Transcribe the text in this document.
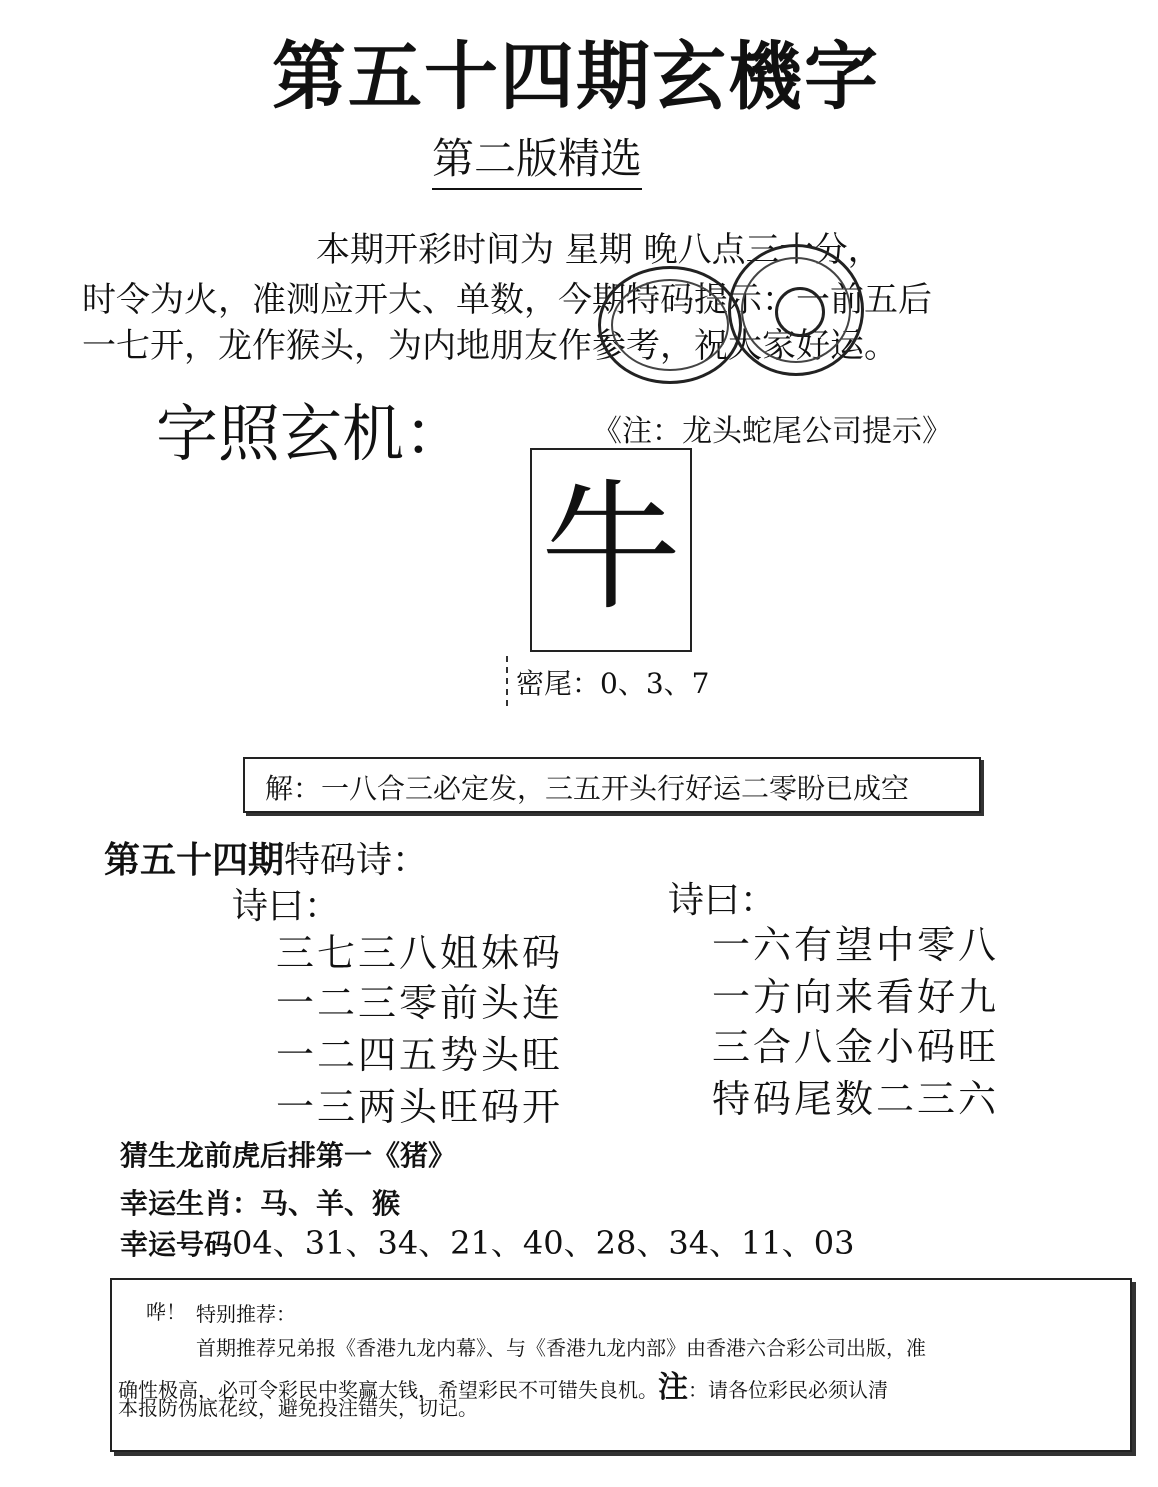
第五十四期玄機字
第二版精选
本期开彩时间为 星期 晚八点三十分，
时令为火，准测应开大、单数，今期特码提示：一前五后
一七开，龙作猴头，为内地朋友作参考，祝大家好运。
字照玄机：	《注：龙头蛇尾公司提示》
牛
密尾：0、3、7
解：一八合三必定发，三五开头行好运二零盼已成空
第五十四期特码诗：
诗曰：	诗曰：
三七三八姐妹码
一二三零前头连
一二四五势头旺
一三两头旺码开
一六有望中零八
一方向来看好九
三合八金小码旺
特码尾数二三六
猜生龙前虎后排第一《猪》
幸运生肖：马、羊、猴
幸运号码04、31、34、21、40、28、34、11、03
哗！ 特别推荐：
首期推荐兄弟报《香港九龙内幕》、与《香港九龙内部》由香港六合彩公司出版，准
确性极高，必可令彩民中奖赢大钱，希望彩民不可错失良机。注：请各位彩民必须认清
本报防伪底花纹，避免投注错失，切记。
